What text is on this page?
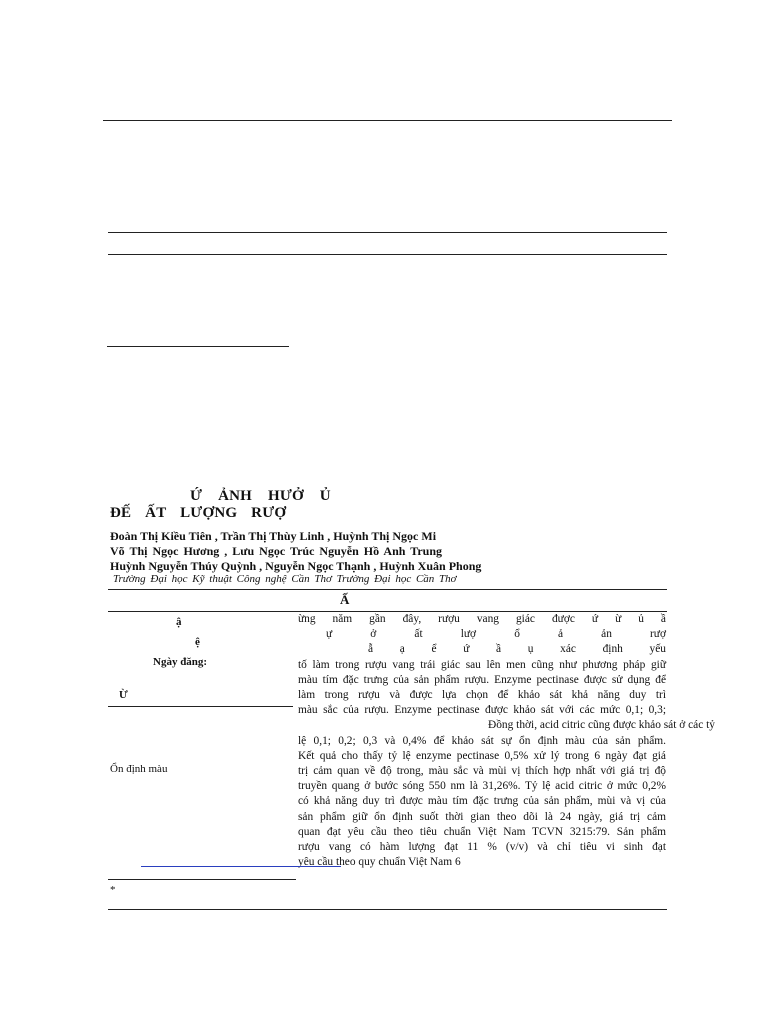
Ứ ẢNH HƯỞ Ủ
ĐẾ ẤT LƯỢNG RƯỢ
Đoàn Thị Kiều Tiên , Trần Thị Thùy Linh , Huỳnh Thị Ngọc Mi
Võ Thị Ngọc Hương , Lưu Ngọc Trúc Nguyễn Hồ Anh Trung
Huỳnh Nguyễn Thúy Quỳnh , Nguyễn Ngọc Thạnh , Huỳnh Xuân Phong
Trường Đại học Kỹ thuật Công nghệ Cần Thơ Trường Đại học Cần Thơ
Ấ
ậ
ệ
Ngày đăng:
Ừ
Ổn định màu
ừng năm gần đây, rượu vang giác được ứ ừ ủ ầ
ự ở ất lượ ổ ả ản rượ
ẫ ạ ể ứ ầ ụ xác định yếu
tố làm trong rượu vang trái giác sau lên men cũng như phương pháp giữ
màu tím đặc trưng của sản phẩm rượu. Enzyme pectinase được sử dụng để
làm trong rượu và được lựa chọn để khảo sát khả năng duy trì
màu sắc của rượu. Enzyme pectinase được khảo sát với các mức 0,1; 0,3;
Đồng thời, acid citric cũng được khảo sát ở các tỷ
lệ 0,1; 0,2; 0,3 và 0,4% để khảo sát sự ổn định màu của sản phẩm.
Kết quả cho thấy tỷ lệ enzyme pectinase 0,5% xử lý trong 6 ngày đạt giá
trị cảm quan về độ trong, màu sắc và mùi vị thích hợp nhất với giá trị độ
truyền quang ở bước sóng 550 nm là 31,26%. Tỷ lệ acid citric ở mức 0,2%
có khả năng duy trì được màu tím đặc trưng của sản phẩm, mùi và vị của
sản phẩm giữ ổn định suốt thời gian theo dõi là 24 ngày, giá trị cảm
quan đạt yêu cầu theo tiêu chuẩn Việt Nam TCVN 3215:79. Sản phẩm
rượu vang có hàm lượng đạt 11 % (v/v) và chỉ tiêu vi sinh đạt
yêu cầu theo quy chuẩn Việt Nam 6
*
